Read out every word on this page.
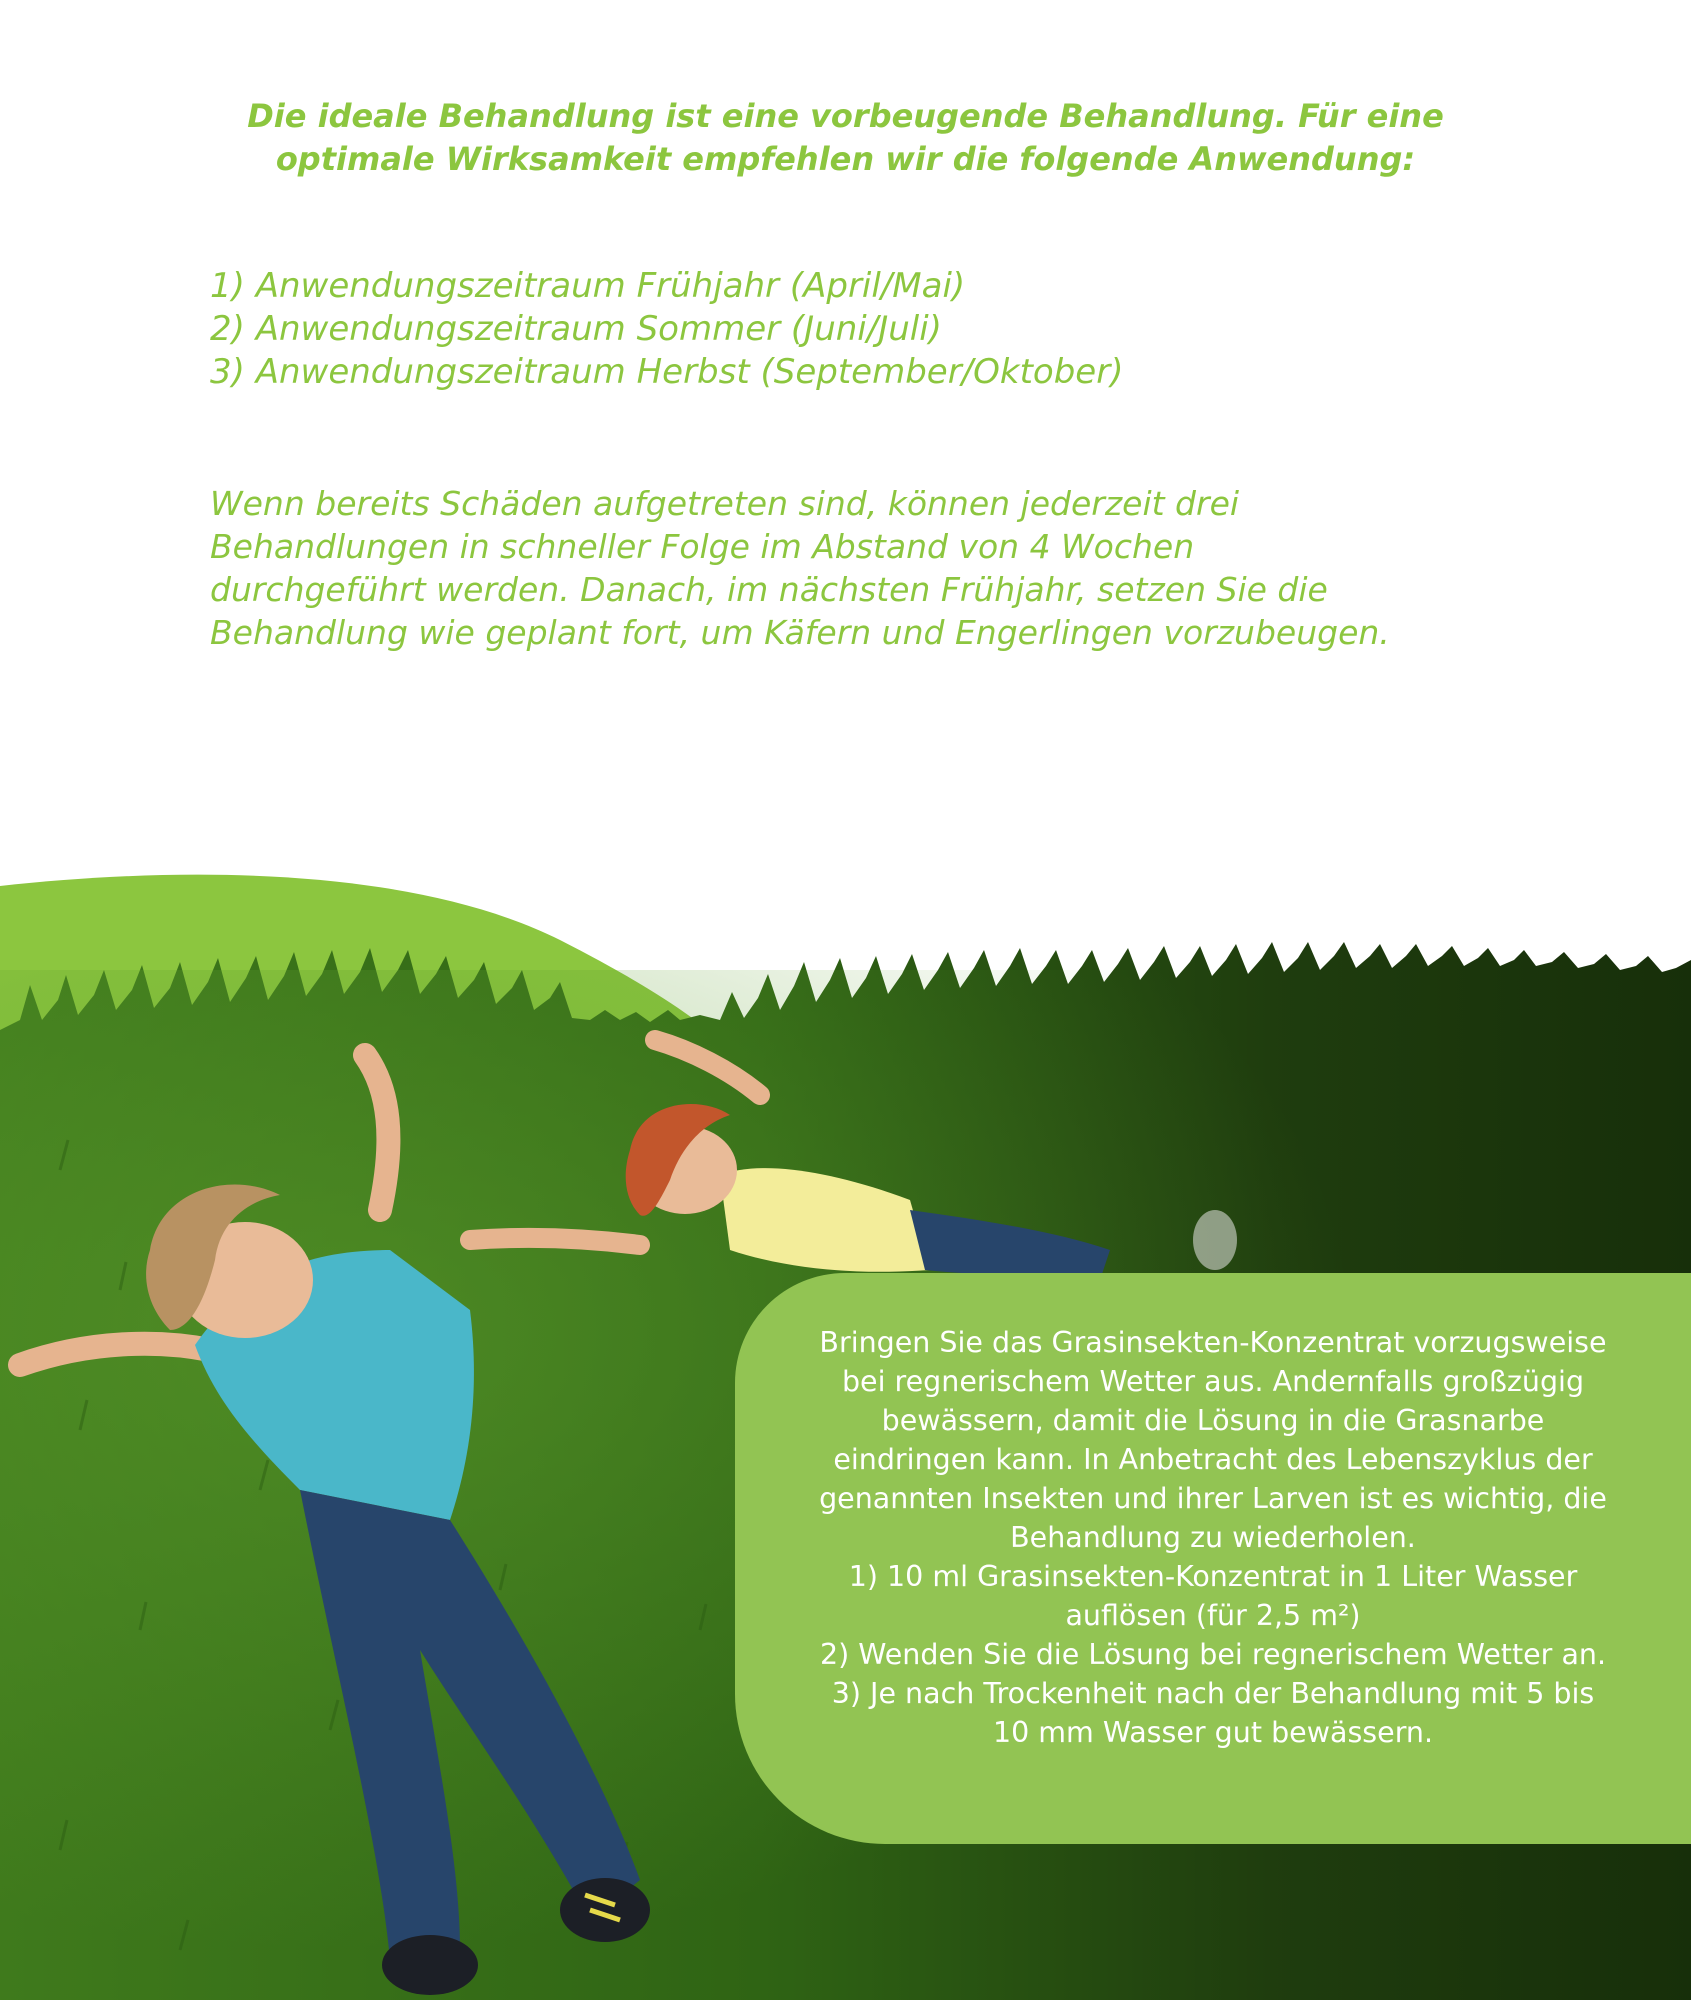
Die ideale Behandlung ist eine vorbeugende Behandlung. Für eine
optimale Wirksamkeit empfehlen wir die folgende Anwendung:

1) Anwendungszeitraum Frühjahr (April/Mai)
2) Anwendungszeitraum Sommer (Juni/Juli)
3) Anwendungszeitraum Herbst (September/Oktober)

Wenn bereits Schäden aufgetreten sind, können jederzeit drei
Behandlungen in schneller Folge im Abstand von 4 Wochen
durchgeführt werden. Danach, im nächsten Frühjahr, setzen Sie die
Behandlung wie geplant fort, um Käfern und Engerlingen vorzubeugen.

Bringen Sie das Grasinsekten-Konzentrat vorzugsweise
bei regnerischem Wetter aus. Andernfalls großzügig
bewässern, damit die Lösung in die Grasnarbe
eindringen kann. In Anbetracht des Lebenszyklus der
genannten Insekten und ihrer Larven ist es wichtig, die
Behandlung zu wiederholen.
1) 10 ml Grasinsekten-Konzentrat in 1 Liter Wasser
auflösen (für 2,5 m²)
2) Wenden Sie die Lösung bei regnerischem Wetter an.
3) Je nach Trockenheit nach der Behandlung mit 5 bis
10 mm Wasser gut bewässern.
